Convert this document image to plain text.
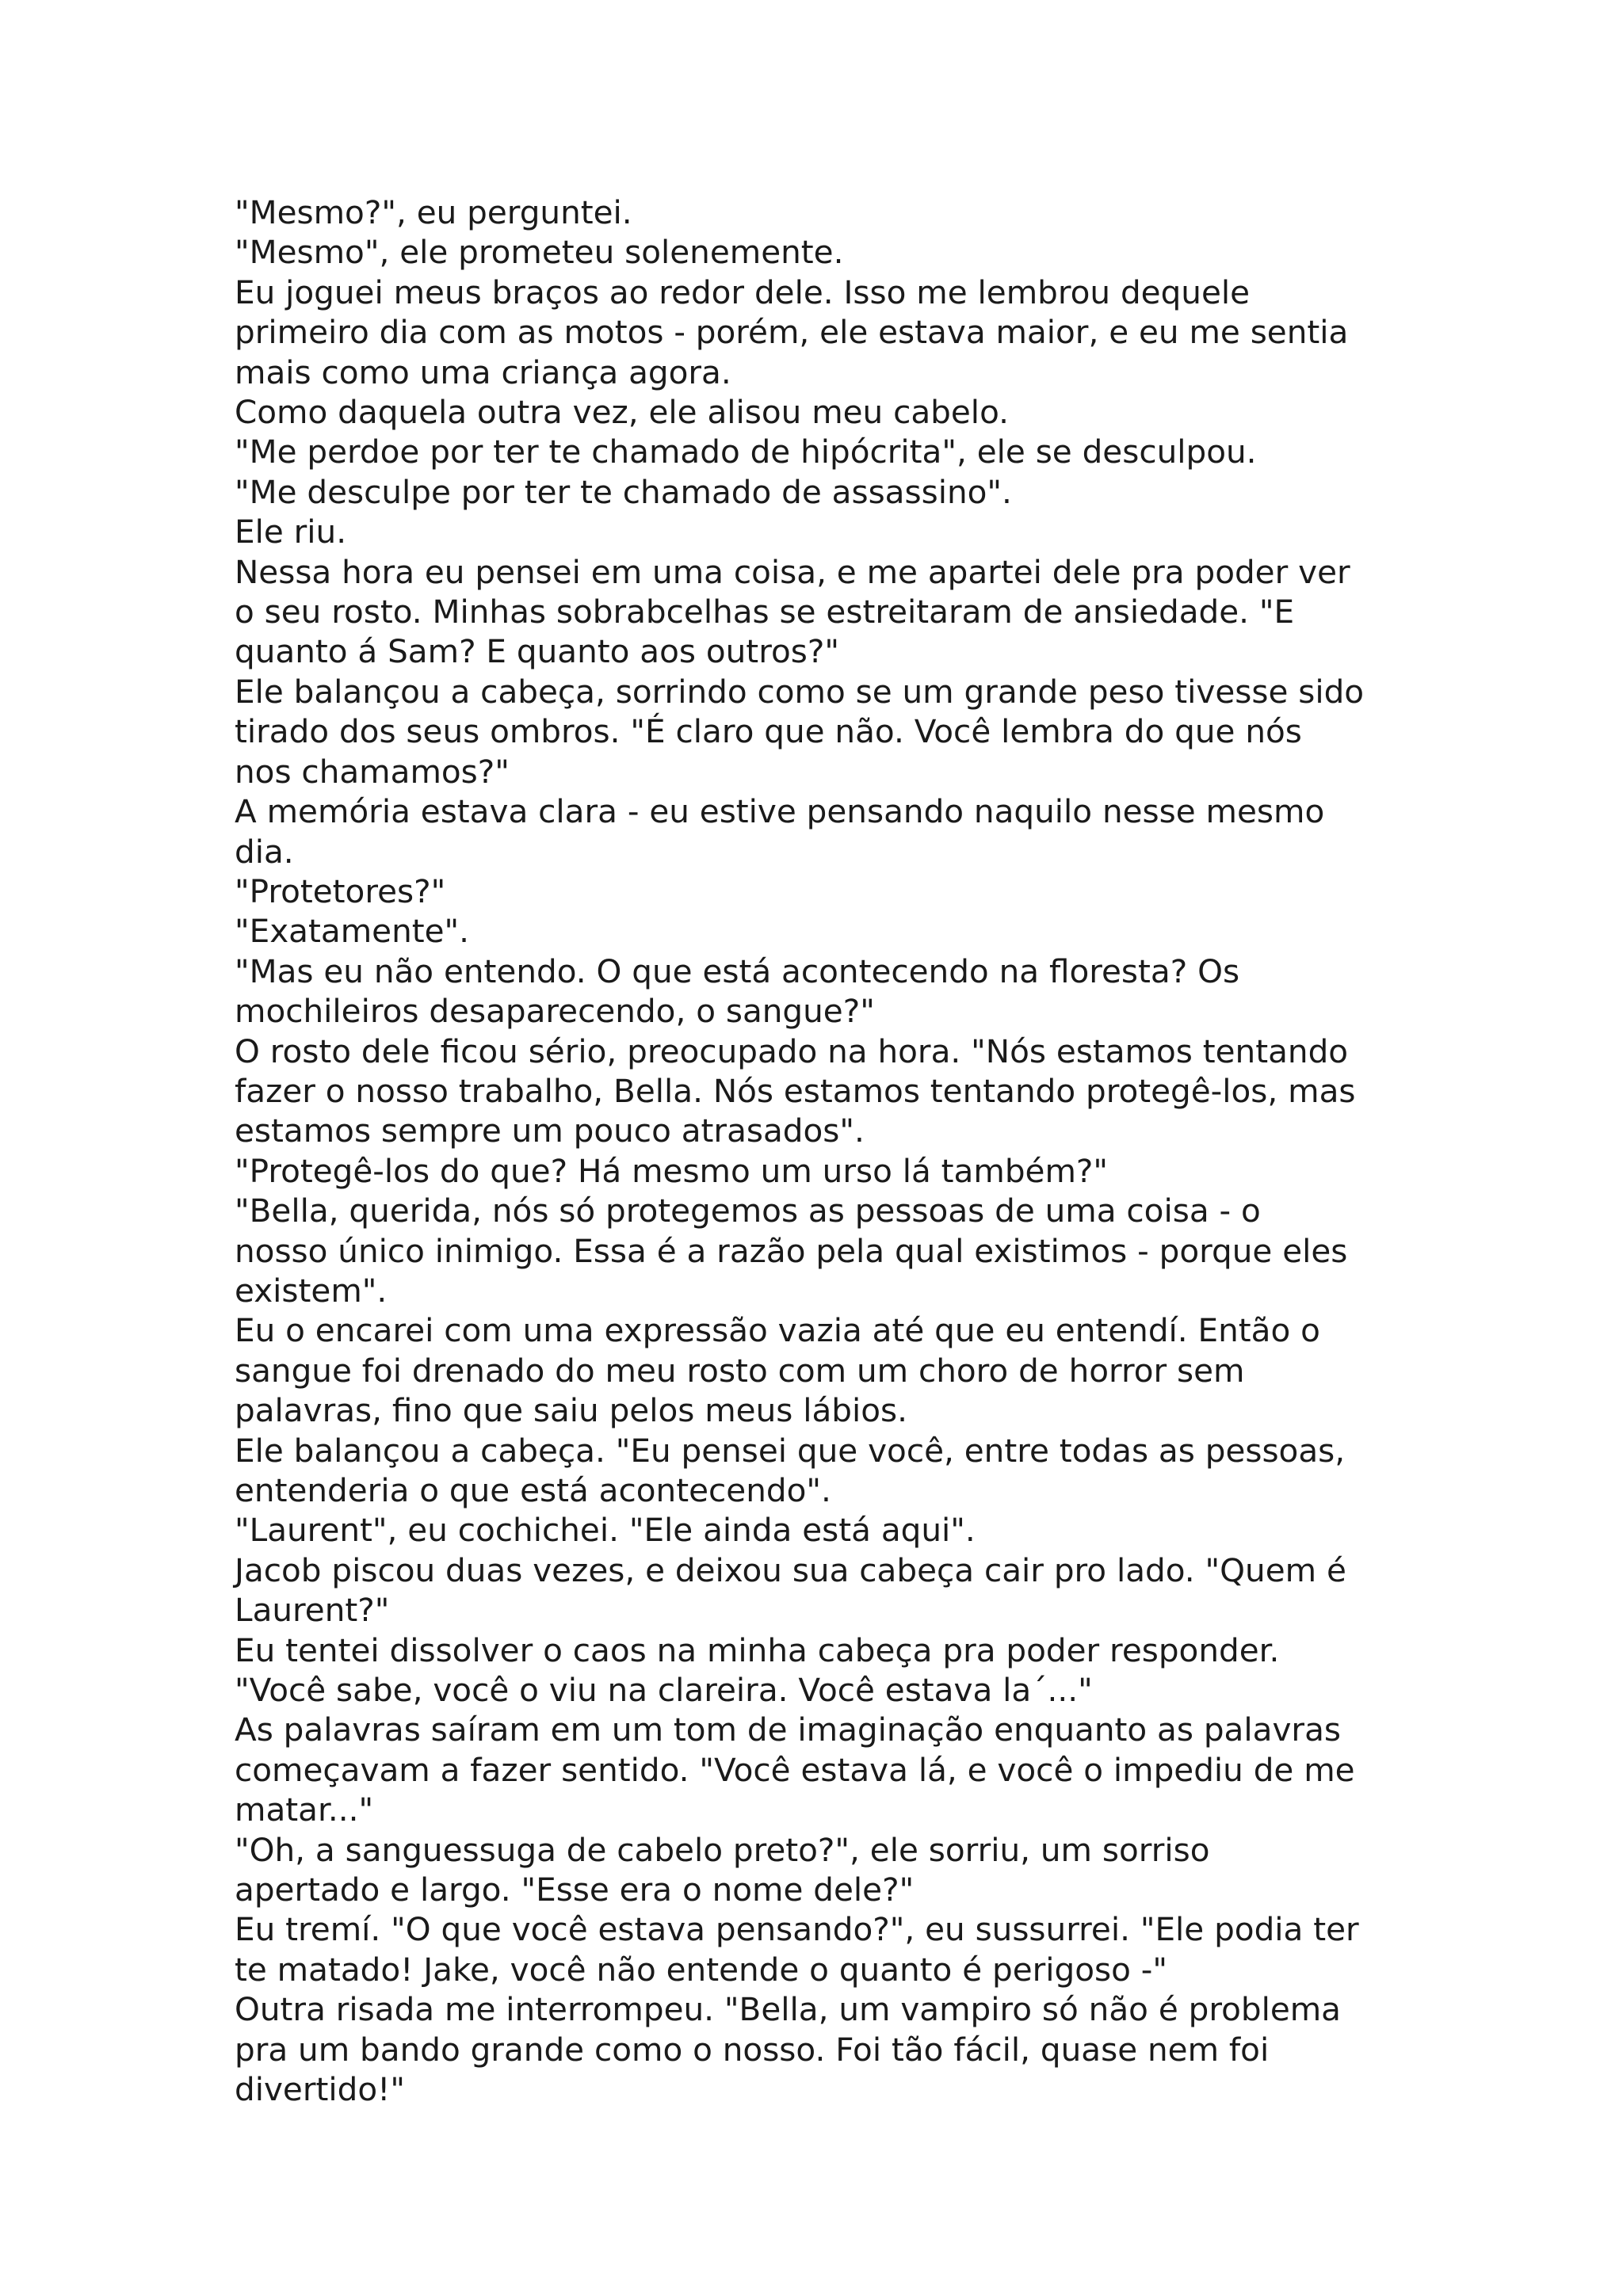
"Mesmo?", eu perguntei.
"Mesmo", ele prometeu solenemente.
Eu joguei meus braços ao redor dele. Isso me lembrou dequele
primeiro dia com as motos - porém, ele estava maior, e eu me sentia
mais como uma criança agora.
Como daquela outra vez, ele alisou meu cabelo.
"Me perdoe por ter te chamado de hipócrita", ele se desculpou.
"Me desculpe por ter te chamado de assassino".
Ele riu.
Nessa hora eu pensei em uma coisa, e me apartei dele pra poder ver
o seu rosto. Minhas sobrabcelhas se estreitaram de ansiedade. "E
quanto á Sam? E quanto aos outros?"
Ele balançou a cabeça, sorrindo como se um grande peso tivesse sido
tirado dos seus ombros. "É claro que não. Você lembra do que nós
nos chamamos?"
A memória estava clara - eu estive pensando naquilo nesse mesmo
dia.
"Protetores?"
"Exatamente".
"Mas eu não entendo. O que está acontecendo na floresta? Os
mochileiros desaparecendo, o sangue?"
O rosto dele ficou sério, preocupado na hora. "Nós estamos tentando
fazer o nosso trabalho, Bella. Nós estamos tentando protegê-los, mas
estamos sempre um pouco atrasados".
"Protegê-los do que? Há mesmo um urso lá também?"
"Bella, querida, nós só protegemos as pessoas de uma coisa - o
nosso único inimigo. Essa é a razão pela qual existimos - porque eles
existem".
Eu o encarei com uma expressão vazia até que eu entendí. Então o
sangue foi drenado do meu rosto com um choro de horror sem
palavras, fino que saiu pelos meus lábios.
Ele balançou a cabeça. "Eu pensei que você, entre todas as pessoas,
entenderia o que está acontecendo".
"Laurent", eu cochichei. "Ele ainda está aqui".
Jacob piscou duas vezes, e deixou sua cabeça cair pro lado. "Quem é
Laurent?"
Eu tentei dissolver o caos na minha cabeça pra poder responder.
"Você sabe, você o viu na clareira. Você estava la´..."
As palavras saíram em um tom de imaginação enquanto as palavras
começavam a fazer sentido. "Você estava lá, e você o impediu de me
matar..."
"Oh, a sanguessuga de cabelo preto?", ele sorriu, um sorriso
apertado e largo. "Esse era o nome dele?"
Eu tremí. "O que você estava pensando?", eu sussurrei. "Ele podia ter
te matado! Jake, você não entende o quanto é perigoso -"
Outra risada me interrompeu. "Bella, um vampiro só não é problema
pra um bando grande como o nosso. Foi tão fácil, quase nem foi
divertido!"
